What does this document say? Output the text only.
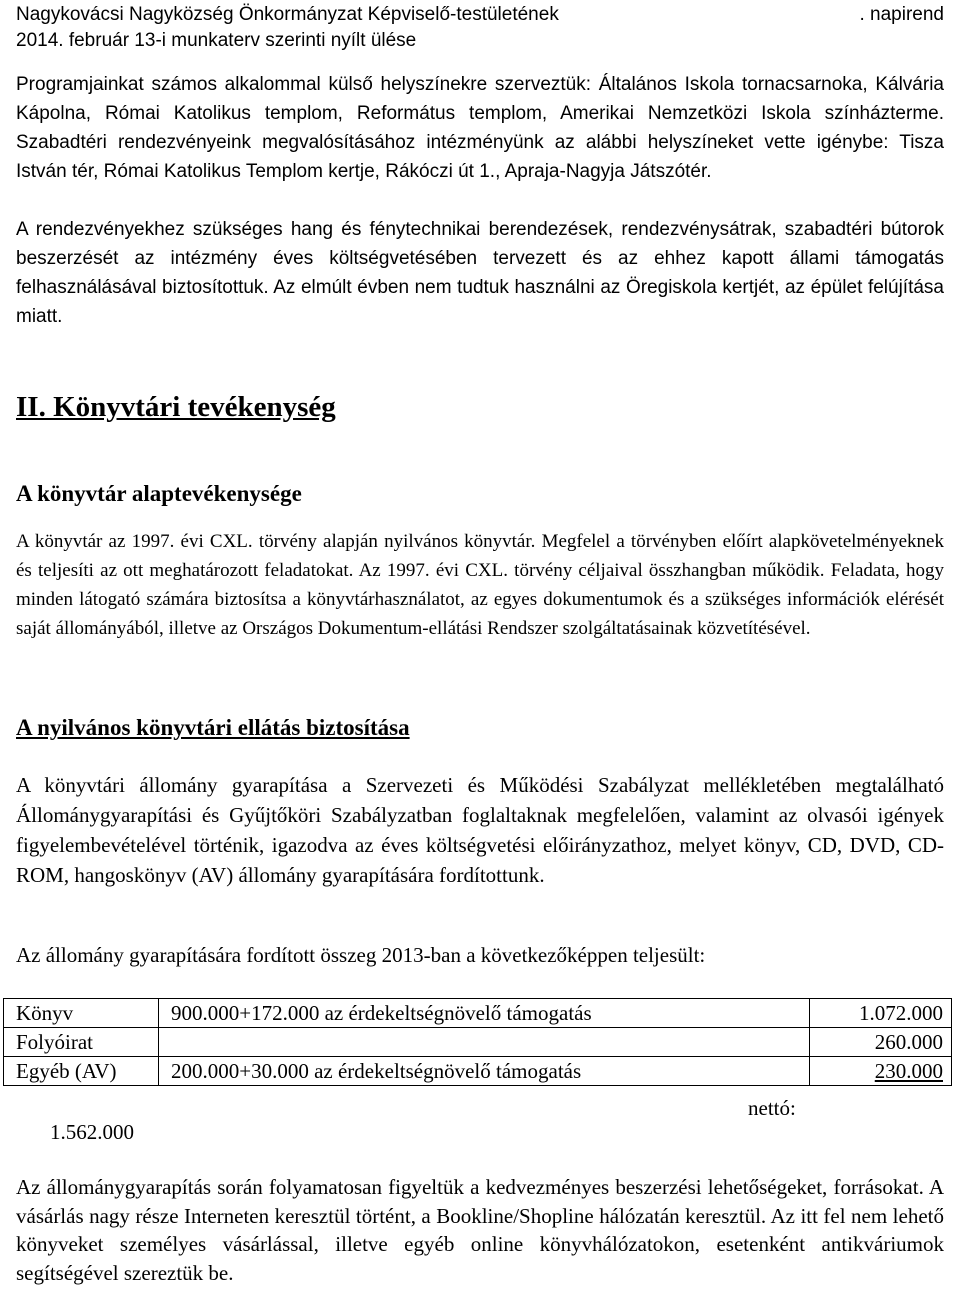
Nagykovácsi Nagyközség Önkormányzat Képviselő-testületének	. napirend
2014. február 13-i munkaterv szerinti nyílt ülése
Programjainkat számos alkalommal külső helyszínekre szerveztük: Általános Iskola tornacsarnoka, Kálvária Kápolna, Római Katolikus templom, Református templom, Amerikai Nemzetközi Iskola színházterme. Szabadtéri rendezvényeink megvalósításához intézményünk az alábbi helyszíneket vette igénybe: Tisza István tér, Római Katolikus Templom kertje, Rákóczi út 1., Apraja-Nagyja Játszótér.
A rendezvényekhez szükséges hang és fénytechnikai berendezések, rendezvénysátrak, szabadtéri bútorok beszerzését az intézmény éves költségvetésében tervezett és az ehhez kapott állami támogatás felhasználásával biztosítottuk. Az elmúlt évben nem tudtuk használni az Öregiskola kertjét, az épület felújítása miatt.
II. Könyvtári tevékenység
A könyvtár alaptevékenysége
A könyvtár az 1997. évi CXL. törvény alapján nyilvános könyvtár. Megfelel a törvényben előírt alapkövetelményeknek és teljesíti az ott meghatározott feladatokat. Az 1997. évi CXL. törvény céljaival összhangban működik. Feladata, hogy minden látogató számára biztosítsa a könyvtárhasználatot, az egyes dokumentumok és a szükséges információk elérését saját állományából, illetve az Országos Dokumentum-ellátási Rendszer szolgáltatásainak közvetítésével.
A nyilvános könyvtári ellátás biztosítása
A könyvtári állomány gyarapítása a Szervezeti és Működési Szabályzat mellékletében megtalálható Állománygyarapítási és Gyűjtőköri Szabályzatban foglaltaknak megfelelően, valamint az olvasói igények figyelembevételével történik, igazodva az éves költségvetési előirányzathoz, melyet könyv, CD, DVD, CD-ROM, hangoskönyv (AV) állomány gyarapítására fordítottunk.
Az állomány gyarapítására fordított összeg 2013-ban a következőképpen teljesült:
Könyv	900.000+172.000 az érdekeltségnövelő támogatás	1.072.000
Folyóirat		260.000
Egyéb (AV)	200.000+30.000 az érdekeltségnövelő támogatás	230.000
nettó:
1.562.000
Az állománygyarapítás során folyamatosan figyeltük a kedvezményes beszerzési lehetőségeket, forrásokat. A vásárlás nagy része Interneten keresztül történt, a Bookline/Shopline hálózatán keresztül. Az itt fel nem lehető könyveket személyes vásárlással, illetve egyéb online könyvhálózatokon, esetenként antikváriumok segítségével szereztük be.
